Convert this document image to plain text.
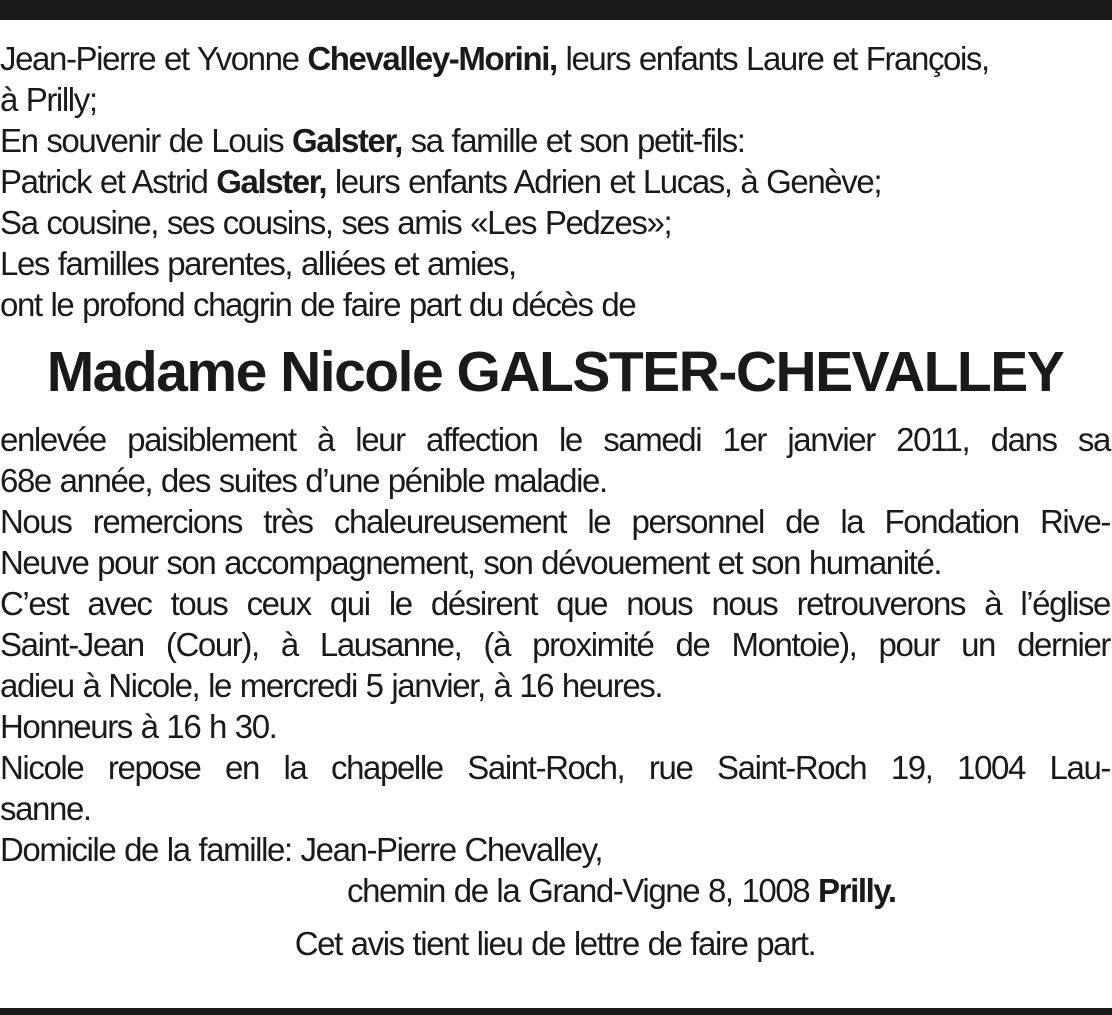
Jean-Pierre et Yvonne Chevalley-Morini, leurs enfants Laure et François,
à Prilly;
En souvenir de Louis Galster, sa famille et son petit-fils:
Patrick et Astrid Galster, leurs enfants Adrien et Lucas, à Genève;
Sa cousine, ses cousins, ses amis «Les Pedzes»;
Les familles parentes, alliées et amies,
ont le profond chagrin de faire part du décès de
Madame Nicole GALSTER-CHEVALLEY
enlevée paisiblement à leur affection le samedi 1er janvier 2011, dans sa
68e année, des suites d’une pénible maladie.
Nous remercions très chaleureusement le personnel de la Fondation Rive-
Neuve pour son accompagnement, son dévouement et son humanité.
C’est avec tous ceux qui le désirent que nous nous retrouverons à l’église
Saint-Jean (Cour), à Lausanne, (à proximité de Montoie), pour un dernier
adieu à Nicole, le mercredi 5 janvier, à 16 heures.
Honneurs à 16 h 30.
Nicole repose en la chapelle Saint-Roch, rue Saint-Roch 19, 1004 Lau-
sanne.
Domicile de la famille: Jean-Pierre Chevalley,
chemin de la Grand-Vigne 8, 1008 Prilly.
Cet avis tient lieu de lettre de faire part.
